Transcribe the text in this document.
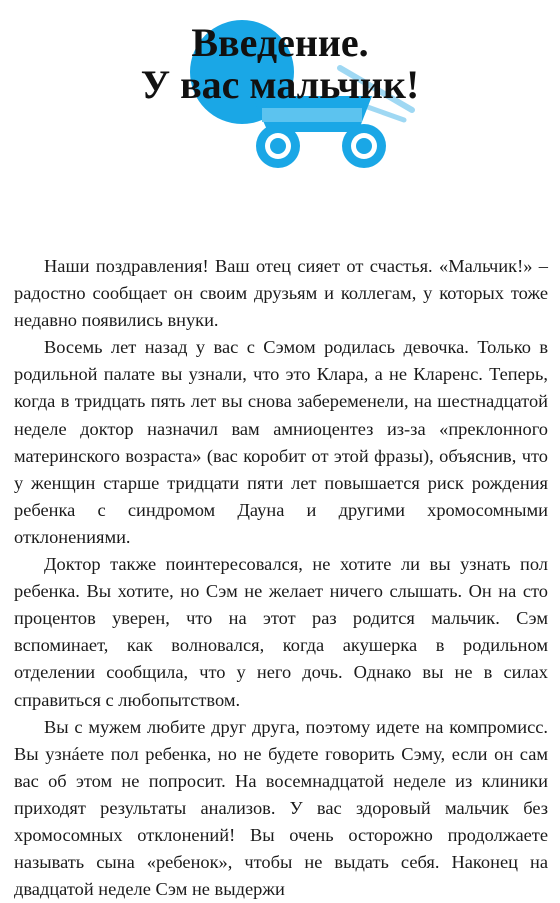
Введение.
У вас мальчик!

Наши поздравления! Ваш отец сияет от счастья. «Мальчик!» – радостно сообщает он своим друзьям и коллегам, у которых тоже недавно появились внуки.

Восемь лет назад у вас с Сэмом родилась девочка. Только в родильной палате вы узнали, что это Клара, а не Кларенс. Теперь, когда в тридцать пять лет вы снова забеременели, на шестнадцатой неделе доктор назначил вам амниоцентез из-за «преклонного материнского возраста» (вас коробит от этой фразы), объяснив, что у женщин старше тридцати пяти лет повышается риск рождения ребенка с синдромом Дауна и другими хромосомными отклонениями.

Доктор также поинтересовался, не хотите ли вы узнать пол ребенка. Вы хотите, но Сэм не желает ничего слышать. Он на сто процентов уверен, что на этот раз родится мальчик. Сэм вспоминает, как волновался, когда акушерка в родильном отделении сообщила, что у него дочь. Однако вы не в силах справиться с любопытством.

Вы с мужем любите друг друга, поэтому идете на компромисс. Вы узнáете пол ребенка, но не будете говорить Сэму, если он сам вас об этом не попросит. На восемнадцатой неделе из клиники приходят результаты анализов. У вас здоровый мальчик без хромосомных отклонений! Вы очень осторожно продолжаете называть сына «ребенок», чтобы не выдать себя. Наконец на двадцатой неделе Сэм не выдержи
